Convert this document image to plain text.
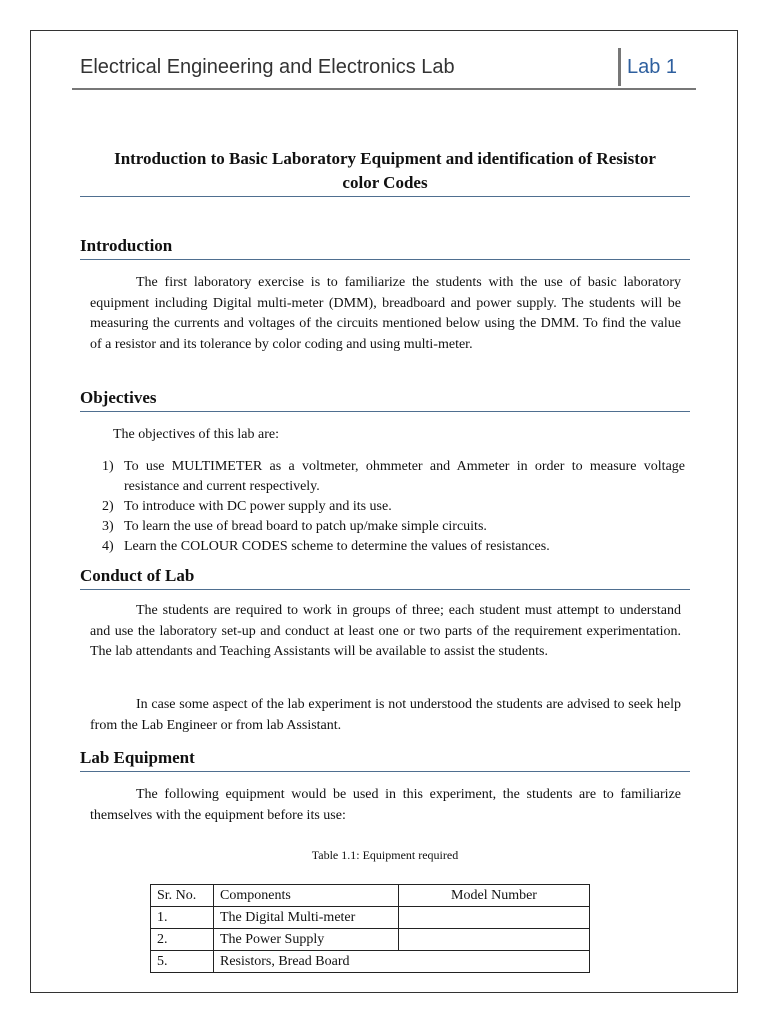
Electrical Engineering and Electronics Lab	Lab 1
Introduction to Basic Laboratory Equipment and identification of Resistor
color Codes
Introduction

The first laboratory exercise is to familiarize the students with the use of basic laboratory equipment including Digital multi-meter (DMM), breadboard and power supply. The students will be measuring the currents and voltages of the circuits mentioned below using the DMM. To find the value of a resistor and its tolerance by color coding and using multi-meter.

Objectives

The objectives of this lab are:

1) To use MULTIMETER as a voltmeter, ohmmeter and Ammeter in order to measure voltage resistance and current respectively.
2) To introduce with DC power supply and its use.
3) To learn the use of bread board to patch up/make simple circuits.
4) Learn the COLOUR CODES scheme to determine the values of resistances.
Conduct of Lab

The students are required to work in groups of three; each student must attempt to understand and use the laboratory set-up and conduct at least one or two parts of the requirement experimentation. The lab attendants and Teaching Assistants will be available to assist the students.

In case some aspect of the lab experiment is not understood the students are advised to seek help from the Lab Engineer or from lab Assistant.

Lab Equipment

The following equipment would be used in this experiment, the students are to familiarize themselves with the equipment before its use:

Table 1.1: Equipment required
Sr. No.	Components	Model Number
1.	The Digital Multi-meter	
2.	The Power Supply	
5.	Resistors, Bread Board	
